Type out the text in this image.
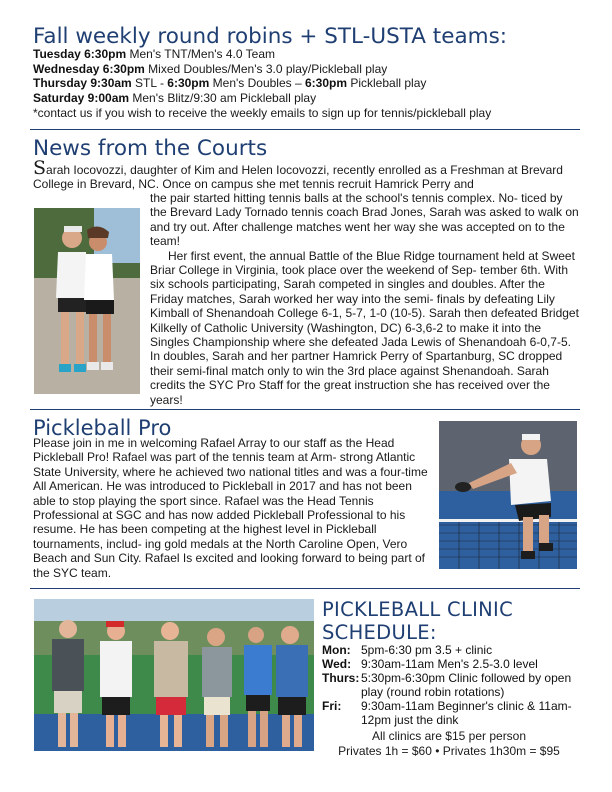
Fall weekly round robins + STL-USTA teams:
Tuesday 6:30pm Men's TNT/Men's 4.0 Team
Wednesday 6:30pm Mixed Doubles/Men's 3.0 play/Pickleball play
Thursday 9:30am STL - 6:30pm Men's Doubles – 6:30pm Pickleball play
Saturday 9:00am Men's Blitz/9:30 am Pickleball play
*contact us if you wish to receive the weekly emails to sign up for tennis/pickleball play
News from the Courts
Sarah Iocovozzi, daughter of Kim and Helen Iocovozzi, recently enrolled as a Freshman at Brevard College in Brevard, NC. Once on campus she met tennis recruit Hamrick Perry and

the pair started hitting tennis balls at the school's tennis complex. No- ticed by the Brevard Lady Tornado tennis coach Brad Jones, Sarah was asked to walk on and try out. After challenge matches went her way she was accepted on to the team!

Her first event, the annual Battle of the Blue Ridge tournament held at Sweet Briar College in Virginia, took place over the weekend of Sep- tember 6th. With six schools participating, Sarah competed in singles and doubles. After the Friday matches, Sarah worked her way into the semi- finals by defeating Lily Kimball of Shenandoah College 6-1, 5-7, 1-0 (10-5). Sarah then defeated Bridget Kilkelly of Catholic University (Washington, DC) 6-3,6-2 to make it into the Singles Championship where she defeated Jada Lewis of Shenandoah 6-0,7-5. In doubles, Sarah and her partner Hamrick Perry of Spartanburg, SC dropped their semi-final match only to win the 3rd place against Shenandoah. Sarah credits the SYC Pro Staff for the great instruction she has received over the years!

Pickleball Pro
Please join in me in welcoming Rafael Array to our staff as the Head Pickleball Pro! Rafael was part of the tennis team at Arm- strong Atlantic State University, where he achieved two national titles and was a four-time All American. He was introduced to Pickleball in 2017 and has not been able to stop playing the sport since. Rafael was the Head Tennis Professional at SGC and has now added Pickleball Professional to his resume. He has been competing at the highest level in Pickleball tournaments, includ- ing gold medals at the North Caroline Open, Vero Beach and Sun City. Rafael Is excited and looking forward to being part of the SYC team.
PICKLEBALL CLINIC
SCHEDULE:
Mon:	5pm-6:30 pm 3.5 + clinic
Wed:	9:30am-11am Men's 2.5-3.0 level
Thurs:	5:30pm-6:30pm Clinic followed by open play (round robin rotations)
Fri:	9:30am-11am Beginner's clinic & 11am-12pm just the dink
All clinics are $15 per person
Privates 1h = $60 • Privates 1h30m = $95
